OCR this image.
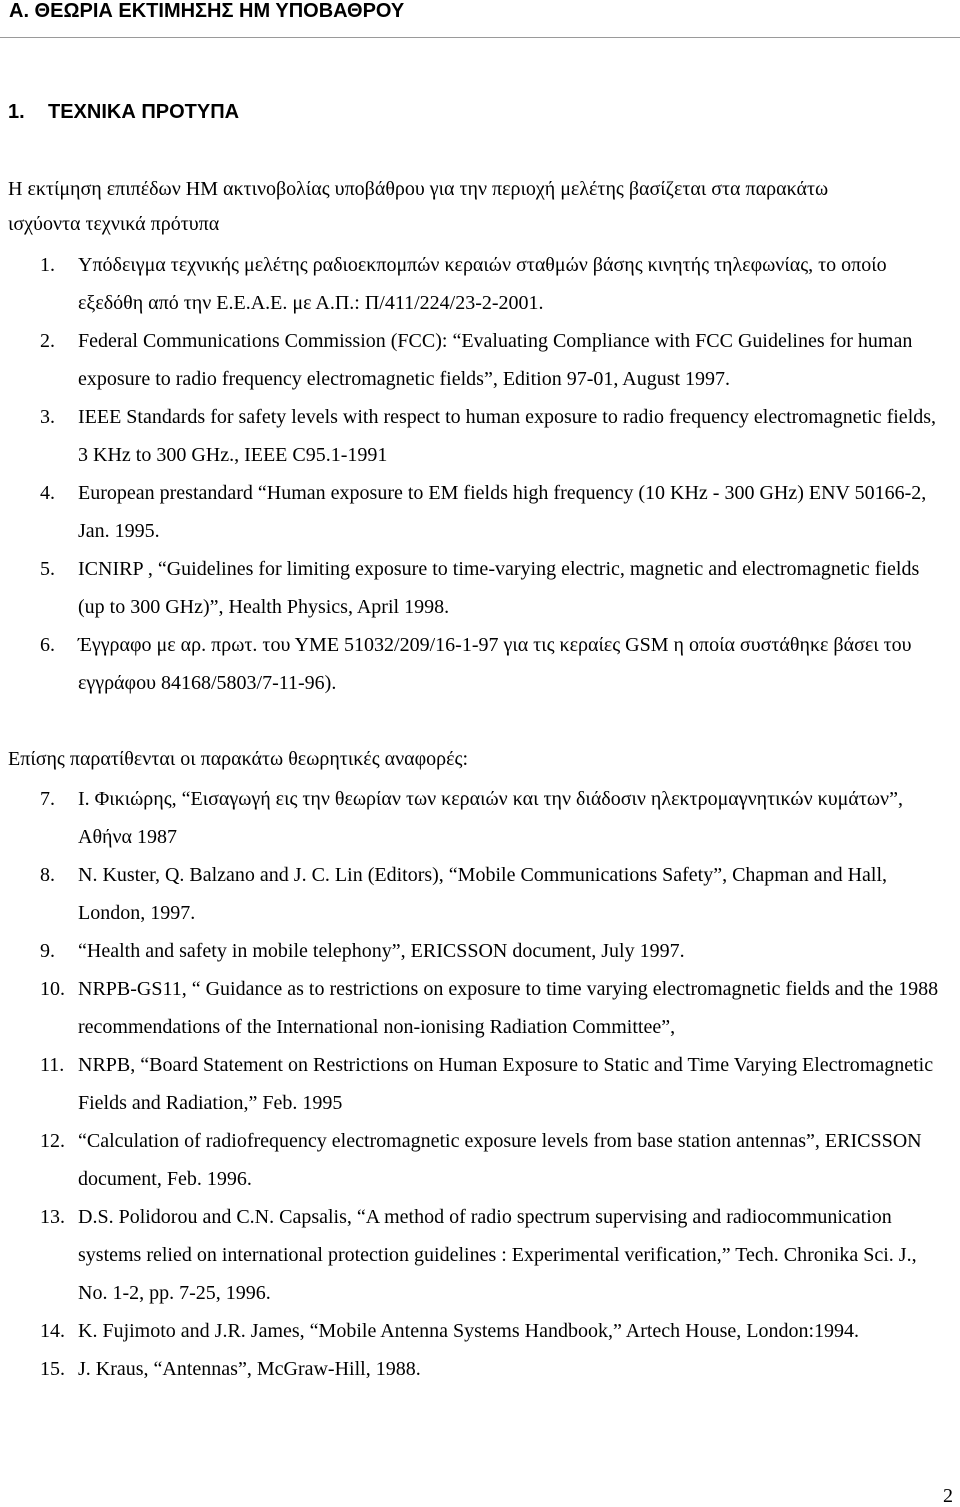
Α. ΘΕΩΡΙΑ ΕΚΤΙΜΗΣΗΣ ΗΜ ΥΠΟΒΑΘΡΟΥ
1. ΤΕΧΝΙΚΑ ΠΡΟΤΥΠΑ
Η εκτίμηση επιπέδων ΗΜ ακτινοβολίας υποβάθρου για την περιοχή μελέτης βασίζεται στα παρακάτω
ισχύοντα τεχνικά πρότυπα
1.	Υπόδειγμα τεχνικής μελέτης ραδιοεκπομπών κεραιών σταθμών βάσης κινητής τηλεφωνίας, το οποίο εξεδόθη από την Ε.Ε.Α.Ε. με Α.Π.: Π/411/224/23-2-2001.
2.	Federal Communications Commission (FCC): “Evaluating Compliance with FCC Guidelines for human exposure to radio frequency electromagnetic fields”, Edition 97-01, August 1997.
3.	IEEE Standards for safety levels with respect to human exposure to radio frequency electromagnetic fields, 3 KHz to 300 GHz., IEEE C95.1-1991
4.	European prestandard “Human exposure to EM fields high frequency (10 KHz - 300 GHz) ENV 50166-2, Jan. 1995.
5.	ICNIRP , “Guidelines for limiting exposure to time-varying electric, magnetic and electromagnetic fields (up to 300 GHz)”, Health Physics, April 1998.
6.	Έγγραφο με αρ. πρωτ. του ΥΜΕ 51032/209/16-1-97 για τις κεραίες GSM η οποία συστάθηκε βάσει του εγγράφου 84168/5803/7-11-96).
Επίσης παρατίθενται οι παρακάτω θεωρητικές αναφορές:
7.	Ι. Φικιώρης, “Εισαγωγή εις την θεωρίαν των κεραιών και την διάδοσιν ηλεκτρομαγνητικών κυμάτων”, Αθήνα 1987
8.	N. Kuster, Q. Balzano and J. C. Lin (Editors), “Mobile Communications Safety”, Chapman and Hall, London, 1997.
9.	“Health and safety in mobile telephony”, ERICSSON document, July 1997.
10. NRPB-GS11, “ Guidance as to restrictions on exposure to time varying electromagnetic fields and the 1988 recommendations of the International non-ionising Radiation Committee”,
11. NRPB, “Board Statement on Restrictions on Human Exposure to Static and Time Varying Electromagnetic Fields and Radiation,” Feb. 1995
12. “Calculation of radiofrequency electromagnetic exposure levels from base station antennas”, ERICSSON document, Feb. 1996.
13. D.S. Polidorou and C.N. Capsalis, “A method of radio spectrum supervising and radiocommunication systems relied on international protection guidelines : Experimental verification,” Tech. Chronika Sci. J., No. 1-2, pp. 7-25, 1996.
14. K. Fujimoto and J.R. James, “Mobile Antenna Systems Handbook,” Artech House, London:1994.
15. J. Kraus, “Antennas”, McGraw-Hill, 1988.
2
